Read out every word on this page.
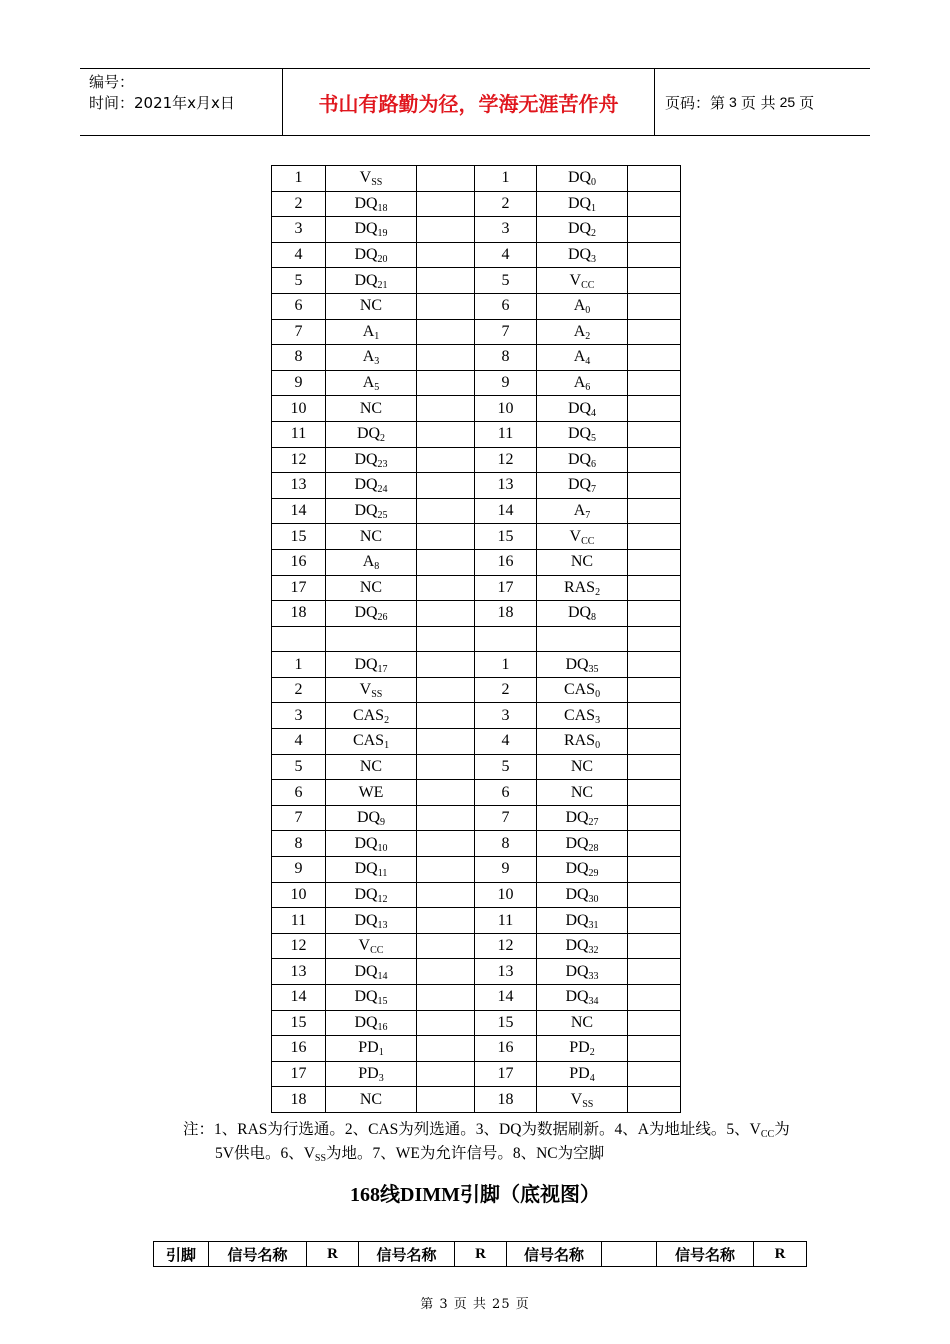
编号：
时间：2021年x月x日	书山有路勤为径，学海无涯苦作舟	页码：第 3 页 共 25 页
1	$V_{SS}$		1	$DQ_0$	
2	$DQ_{18}$		2	$DQ_1$	
3	$DQ_{19}$		3	$DQ_2$	
4	$DQ_{20}$		4	$DQ_3$	
5	$DQ_{21}$		5	$V_{CC}$	
6	NC		6	$A_0$	
7	$A_1$		7	$A_2$	
8	$A_3$		8	$A_4$	
9	$A_5$		9	$A_6$	
10	NC		10	$DQ_4$	
11	$DQ_2$		11	$DQ_5$	
12	$DQ_{23}$		12	$DQ_6$	
13	$DQ_{24}$		13	$DQ_7$	
14	$DQ_{25}$		14	$A_7$	
15	NC		15	$V_{CC}$	
16	$A_8$		16	NC	
17	NC		17	$RAS_2$	
18	$DQ_{26}$		18	$DQ_8$	

1	$DQ_{17}$		1	$DQ_{35}$	
2	$V_{SS}$		2	$CAS_0$	
3	$CAS_2$		3	$CAS_3$	
4	$CAS_1$		4	$RAS_0$	
5	NC		5	NC	
6	WE		6	NC	
7	$DQ_9$		7	$DQ_{27}$	
8	$DQ_{10}$		8	$DQ_{28}$	
9	$DQ_{11}$		9	$DQ_{29}$	
10	$DQ_{12}$		10	$DQ_{30}$	
11	$DQ_{13}$		11	$DQ_{31}$	
12	$V_{CC}$		12	$DQ_{32}$	
13	$DQ_{14}$		13	$DQ_{33}$	
14	$DQ_{15}$		14	$DQ_{34}$	
15	$DQ_{16}$		15	NC	
16	$PD_1$		16	$PD_2$	
17	$PD_3$		17	$PD_4$	
18	NC		18	$V_{SS}$	
注：1、RAS为行选通。2、CAS为列选通。3、DQ为数据刷新。4、A为地址线。5、$V_{CC}$为
5V供电。6、$V_{SS}$为地。7、WE为允许信号。8、NC为空脚
168线DIMM引脚（底视图）
引脚	信号名称	R	信号名称	R	信号名称		信号名称	R
第 3 页 共 25 页
